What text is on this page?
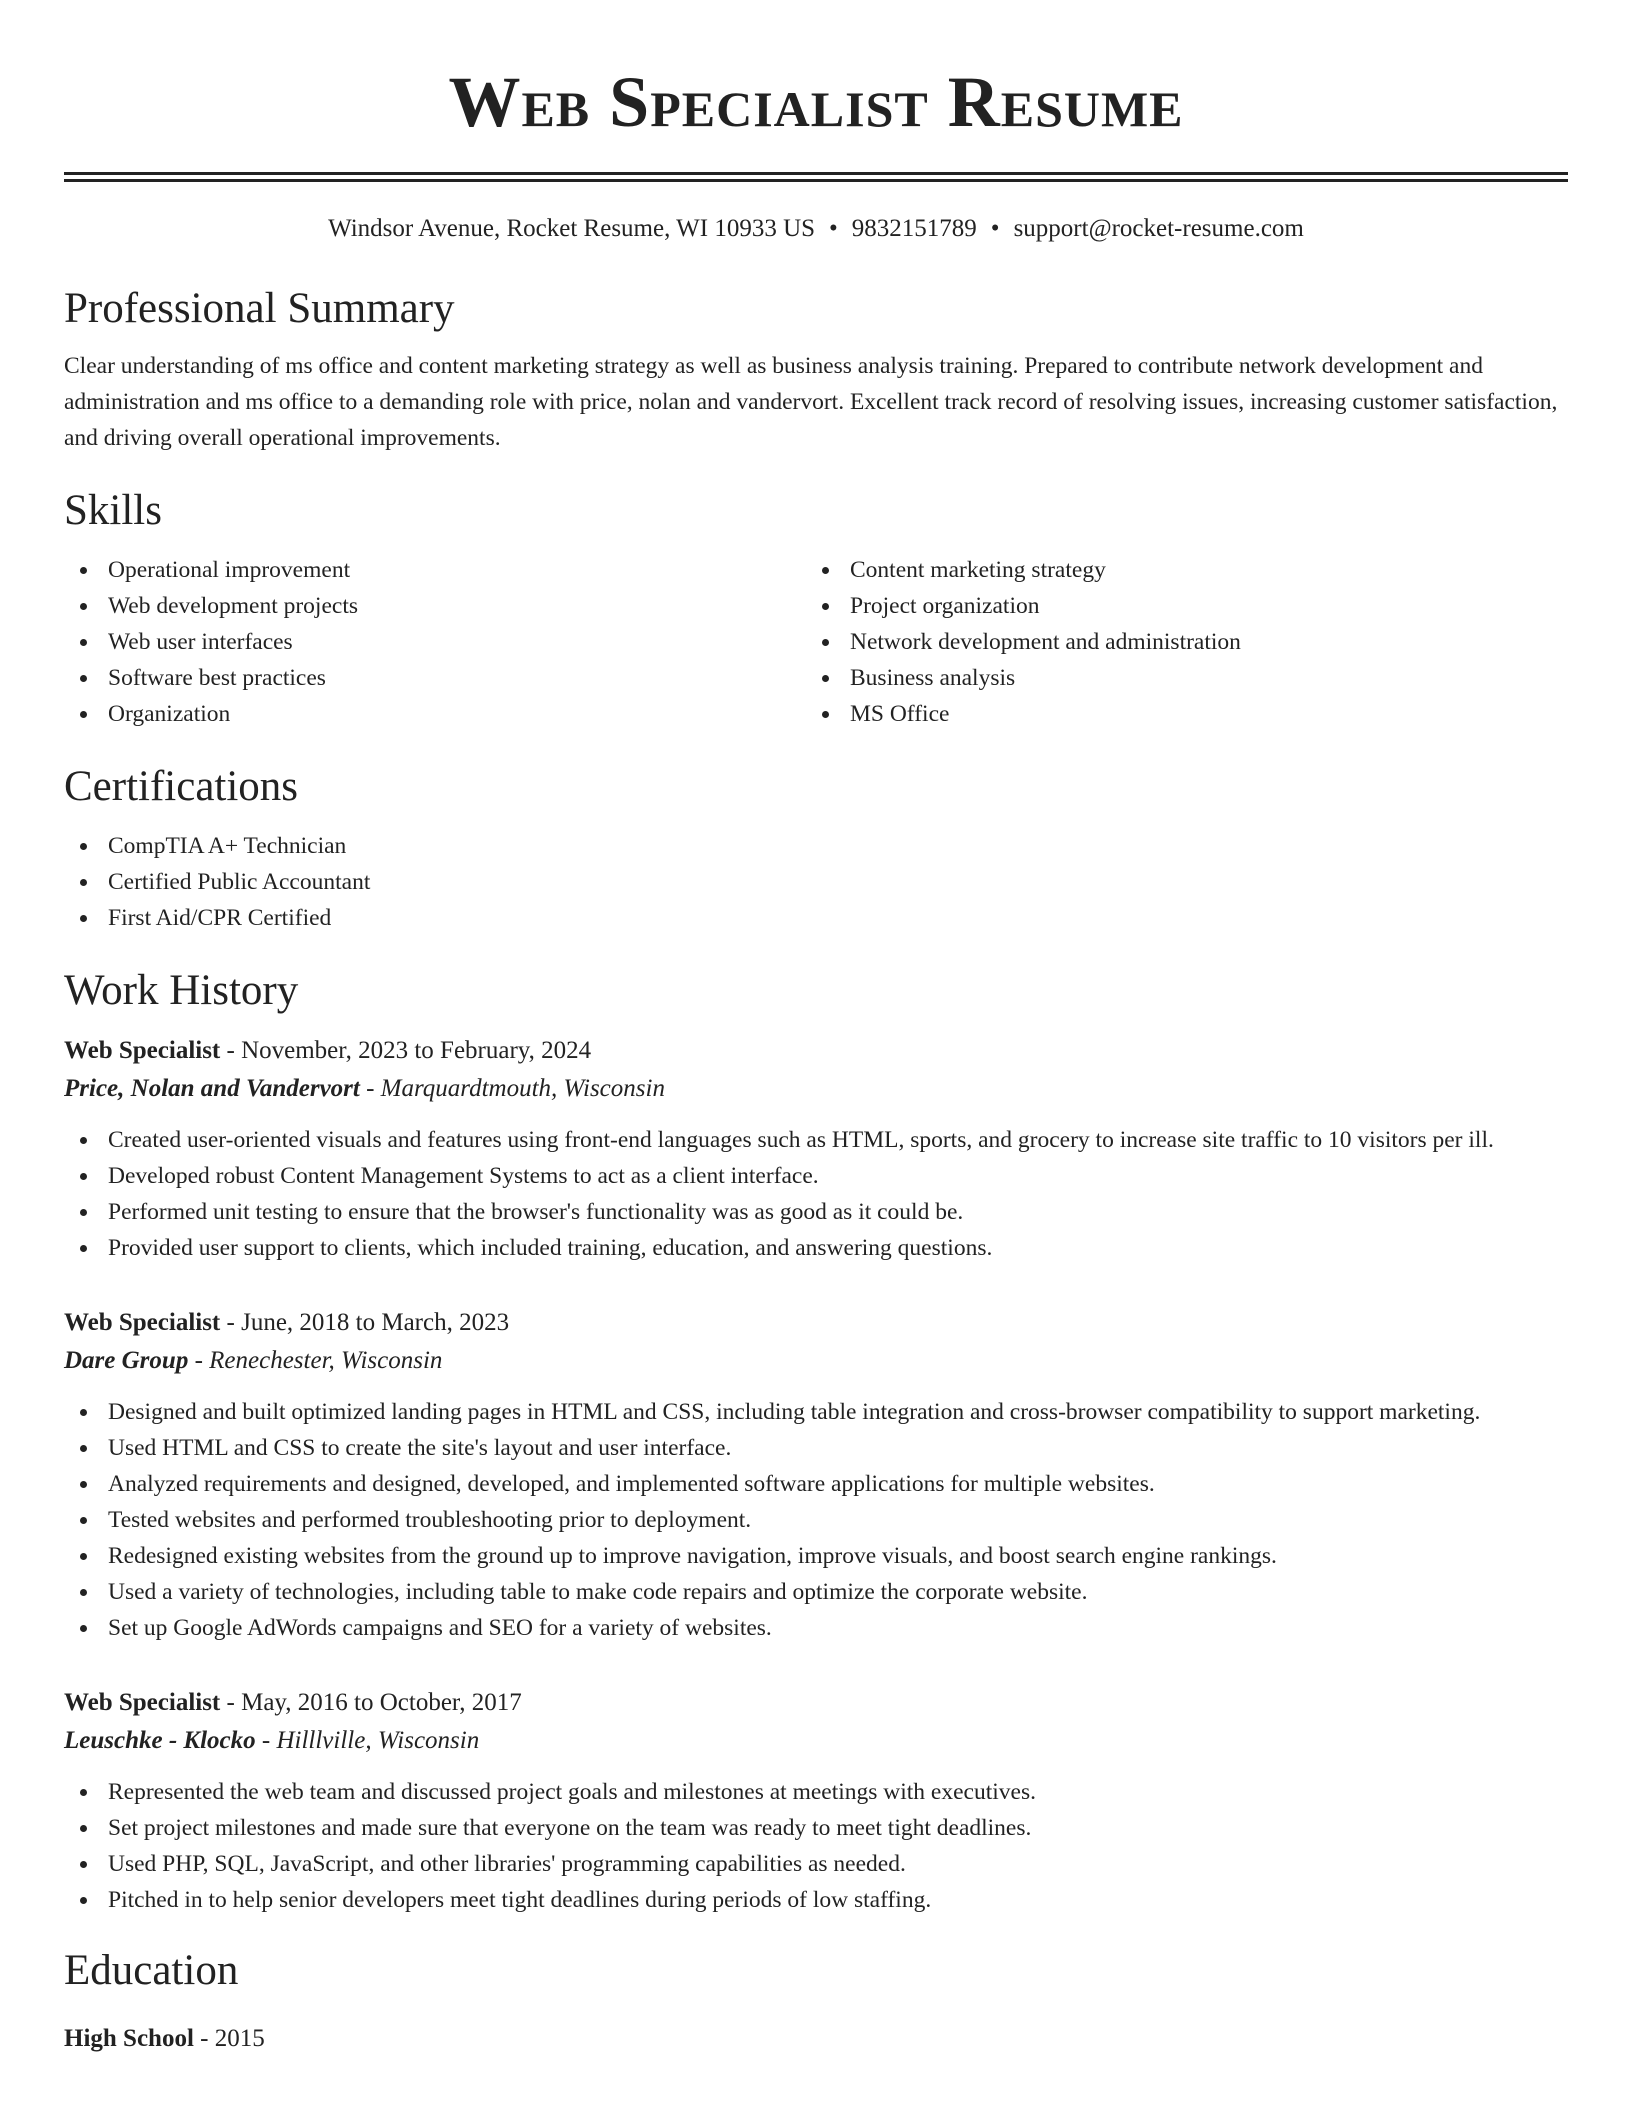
Web Specialist Resume
Windsor Avenue, Rocket Resume, WI 10933 US • 9832151789 • support@rocket-resume.com
Professional Summary

Clear understanding of ms office and content marketing strategy as well as business analysis training. Prepared to contribute network development and administration and ms office to a demanding role with price, nolan and vandervort. Excellent track record of resolving issues, increasing customer satisfaction, and driving overall operational improvements.

Skills
Operational improvement
Web development projects
Web user interfaces
Software best practices
Organization
Content marketing strategy
Project organization
Network development and administration
Business analysis
MS Office
Certifications
CompTIA A+ Technician
Certified Public Accountant
First Aid/CPR Certified
Work History
Web Specialist - November, 2023 to February, 2024
Price, Nolan and Vandervort - Marquardtmouth, Wisconsin
Created user-oriented visuals and features using front-end languages such as HTML, sports, and grocery to increase site traffic to 10 visitors per ill.
Developed robust Content Management Systems to act as a client interface.
Performed unit testing to ensure that the browser's functionality was as good as it could be.
Provided user support to clients, which included training, education, and answering questions.
Web Specialist - June, 2018 to March, 2023
Dare Group - Renechester, Wisconsin
Designed and built optimized landing pages in HTML and CSS, including table integration and cross-browser compatibility to support marketing.
Used HTML and CSS to create the site's layout and user interface.
Analyzed requirements and designed, developed, and implemented software applications for multiple websites.
Tested websites and performed troubleshooting prior to deployment.
Redesigned existing websites from the ground up to improve navigation, improve visuals, and boost search engine rankings.
Used a variety of technologies, including table to make code repairs and optimize the corporate website.
Set up Google AdWords campaigns and SEO for a variety of websites.
Web Specialist - May, 2016 to October, 2017
Leuschke - Klocko - Hilllville, Wisconsin
Represented the web team and discussed project goals and milestones at meetings with executives.
Set project milestones and made sure that everyone on the team was ready to meet tight deadlines.
Used PHP, SQL, JavaScript, and other libraries' programming capabilities as needed.
Pitched in to help senior developers meet tight deadlines during periods of low staffing.
Education
High School - 2015
